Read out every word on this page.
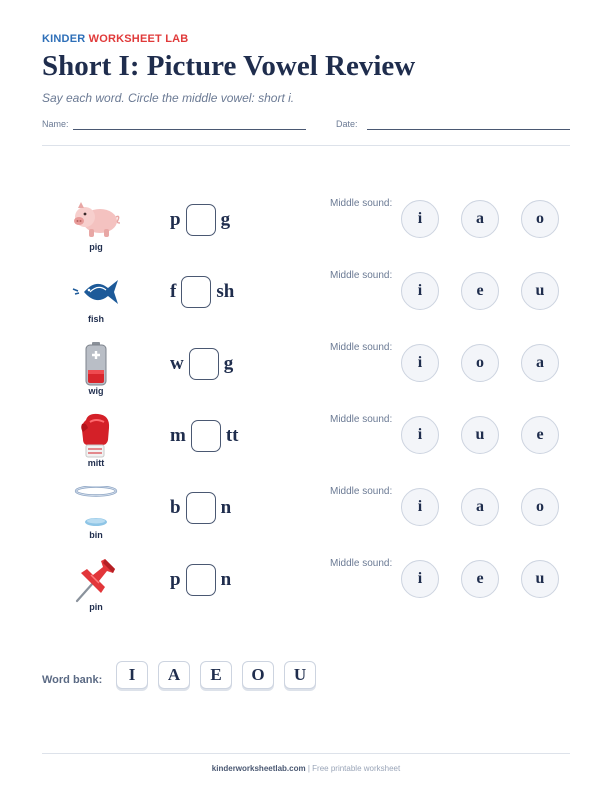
KINDER WORKSHEET LAB
Short I: Picture Vowel Review
Say each word. Circle the middle vowel: short i.
Name:	Date:
pig
p g
Middle sound:
i	a	o
fish
f sh
Middle sound:
i	e	u
wig
w g
Middle sound:
i	o	a
mitt
m tt
Middle sound:
i	u	e
bin
b n
Middle sound:
i	a	o
pin
p n
Middle sound:
i	e	u
Word bank:	I	A	E	O	U
kinderworksheetlab.com | Free printable worksheet
